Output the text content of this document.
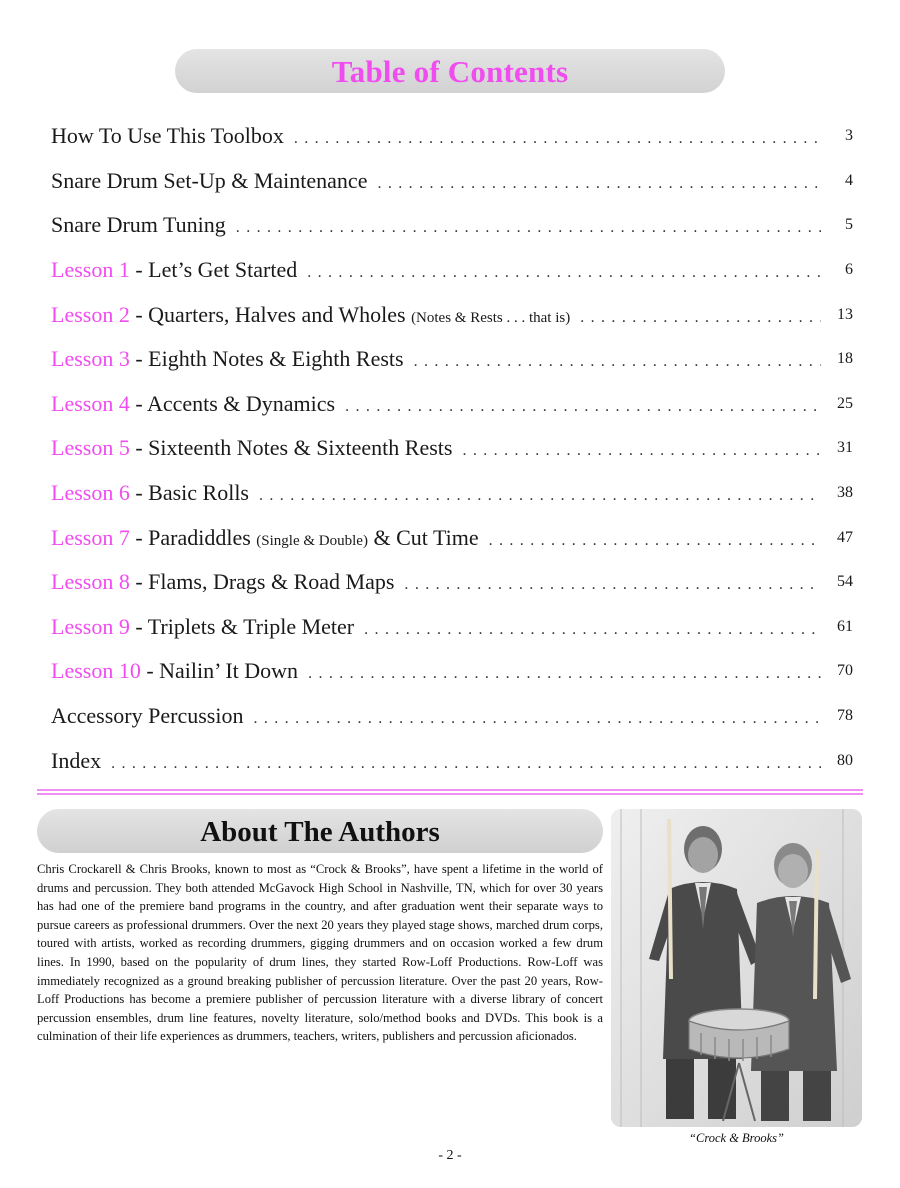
Table of Contents
How To Use This Toolbox . . .	3
Snare Drum Set-Up & Maintenance . . .	4
Snare Drum Tuning . . .	5
Lesson 1 - Let’s Get Started . . .	6
Lesson 2 - Quarters, Halves and Wholes (Notes & Rests . . . that is) . . .	13
Lesson 3 - Eighth Notes & Eighth Rests . . .	18
Lesson 4 - Accents & Dynamics . . .	25
Lesson 5 - Sixteenth Notes & Sixteenth Rests . . .	31
Lesson 6 - Basic Rolls . . .	38
Lesson 7 - Paradiddles (Single & Double) & Cut Time . . .	47
Lesson 8 - Flams, Drags & Road Maps . . .	54
Lesson 9 - Triplets & Triple Meter . . .	61
Lesson 10 - Nailin’ It Down . . .	70
Accessory Percussion . . .	78
Index . . .	80
About The Authors
Chris Crockarell & Chris Brooks, known to most as “Crock & Brooks”, have spent a lifetime in the world of drums and percussion. They both attended McGavock High School in Nashville, TN, which for over 30 years has had one of the premiere band programs in the country, and after graduation went their separate ways to pursue careers as professional drummers. Over the next 20 years they played stage shows, marched drum corps, toured with artists, worked as recording drummers, gigging drummers and on occasion worked a few drum lines. In 1990, based on the popularity of drum lines, they started Row-Loff Productions. Row-Loff was immediately recognized as a ground breaking publisher of percussion literature. Over the past 20 years, Row-Loff Productions has become a premiere publisher of percussion literature with a diverse library of concert percussion ensembles, drum line features, novelty literature, solo/method books and DVDs. This book is a culmination of their life experiences as drummers, teachers, writers, publishers and percussion aficionados.
“Crock & Brooks”
- 2 -
